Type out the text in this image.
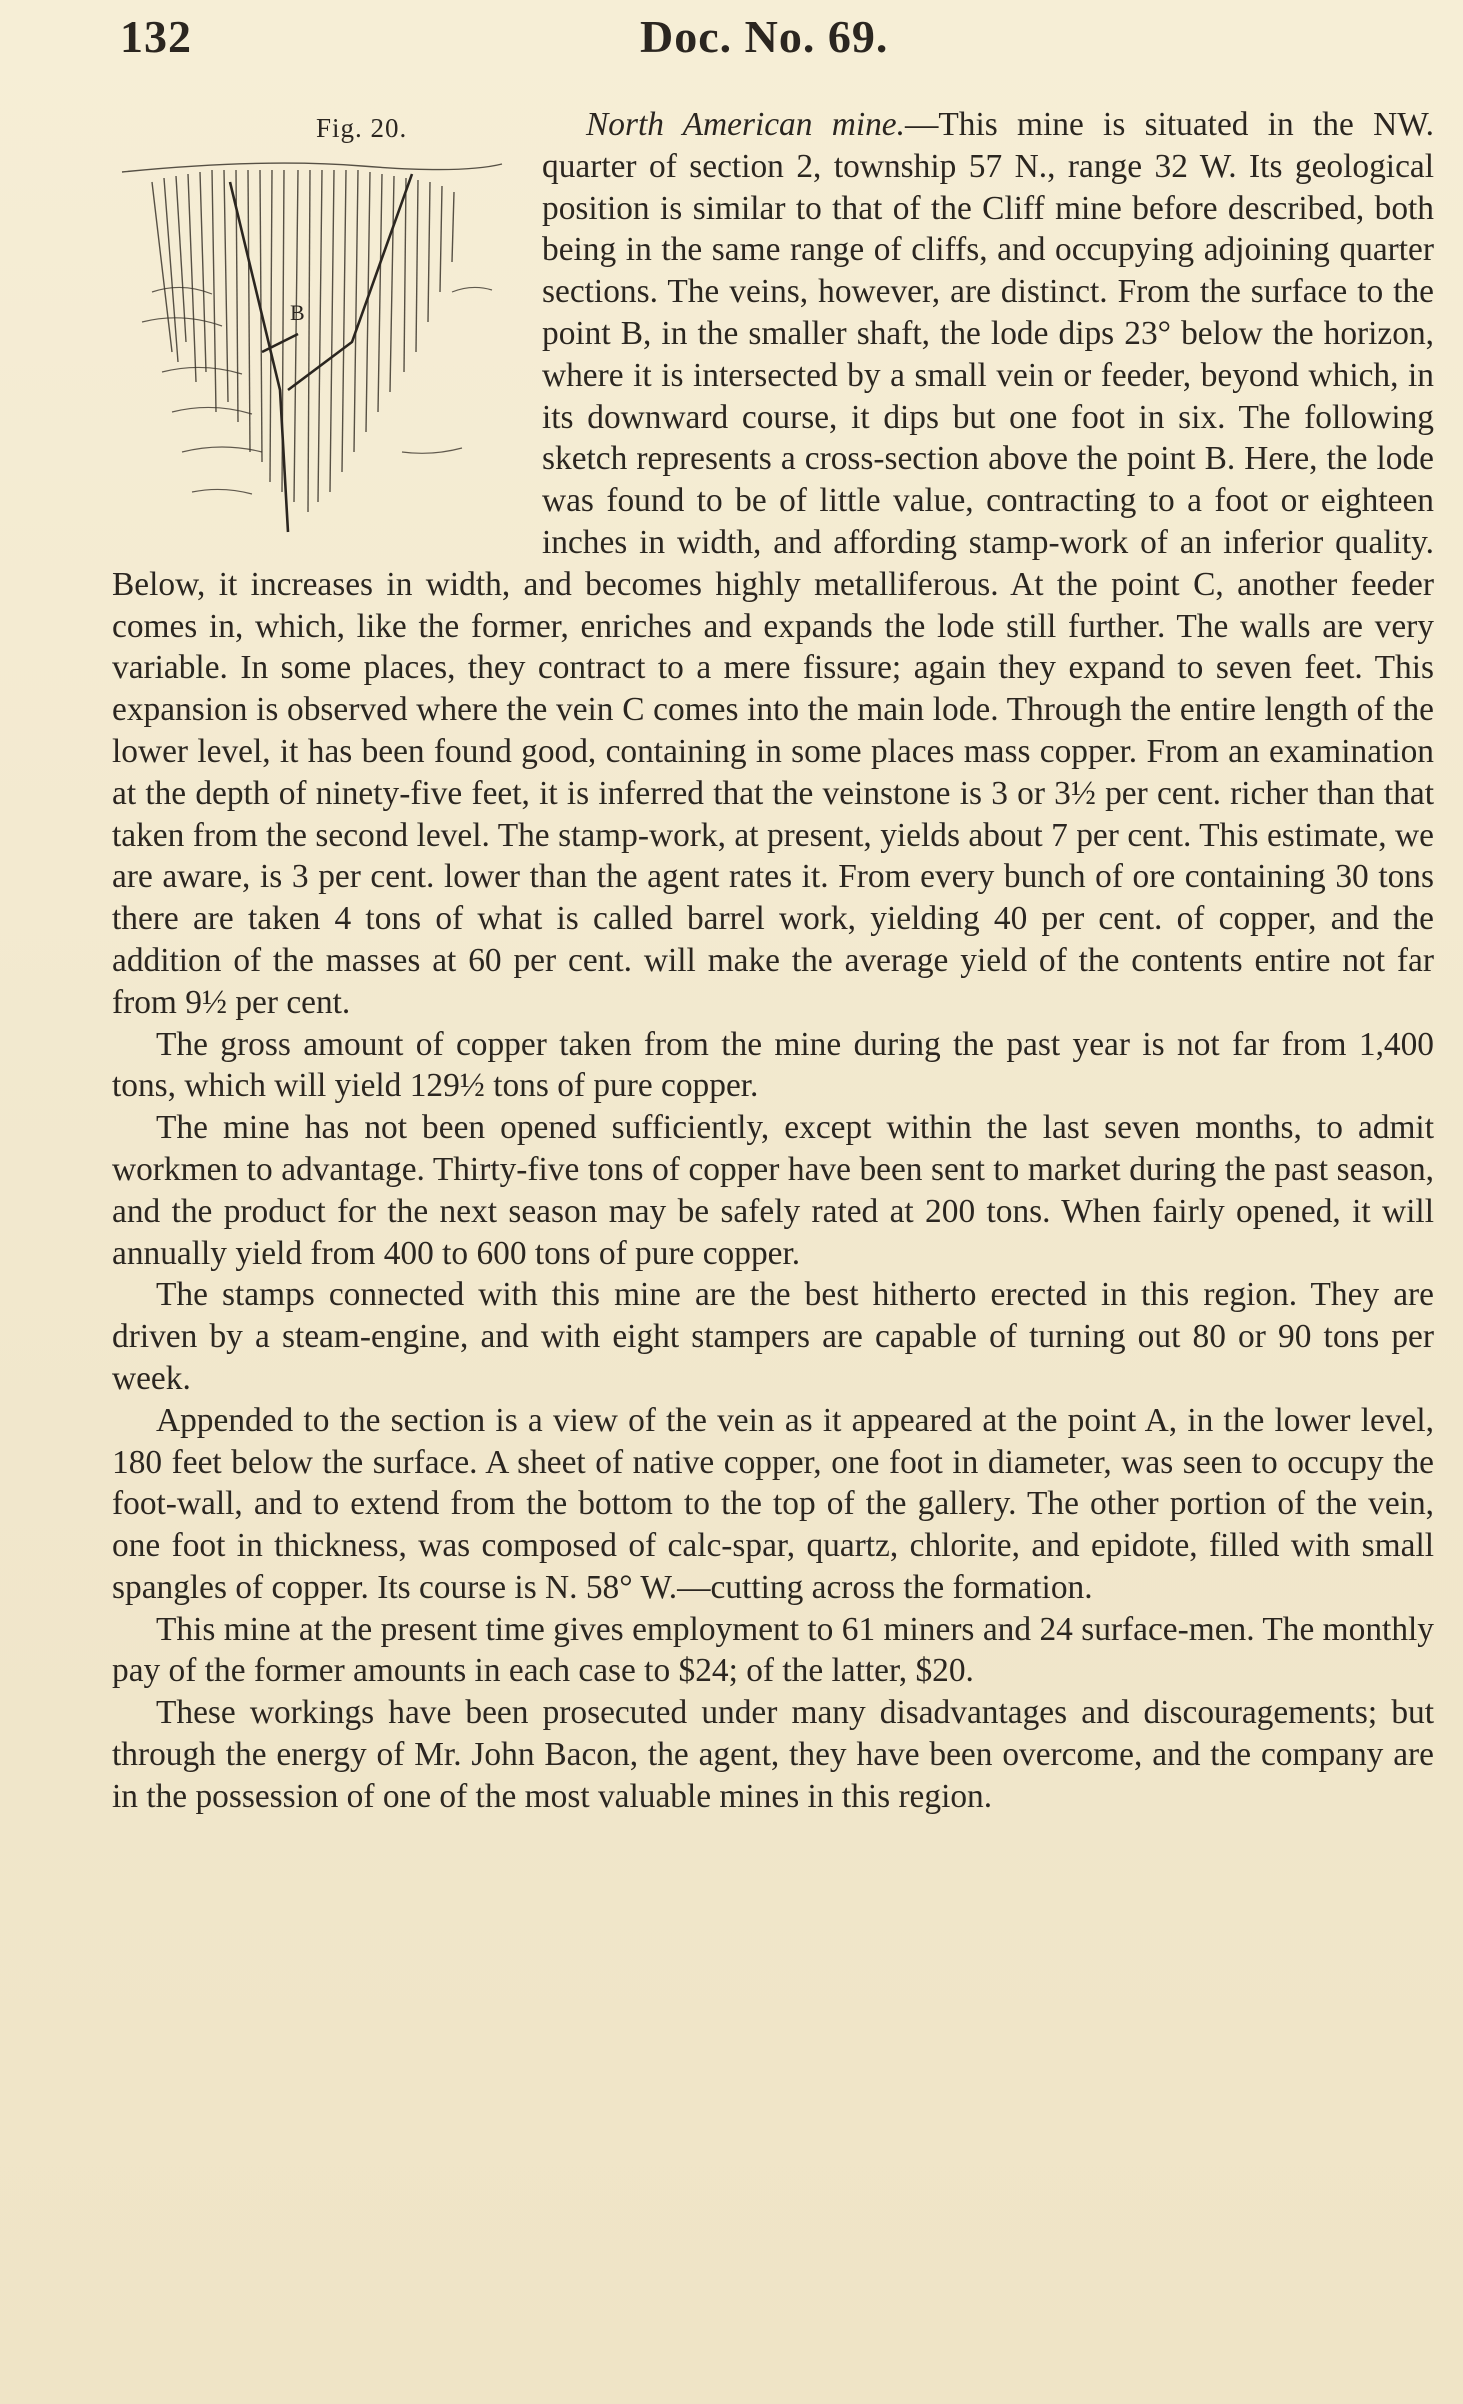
132	Doc. No. 69.

North American mine.
Fig. 20.
B
—This mine is situated in the NW. quarter of section 2, township 57 N., range 32 W. Its geological position is similar to that of the Cliff mine before described, both being in the same range of cliffs, and occupying adjoining quarter sections. The veins, however, are distinct. From the surface to the point B, in the smaller shaft, the lode dips 23° below the horizon, where it is intersected by a small vein or feeder, beyond which, in its downward course, it dips but one foot in six. The following sketch represents a cross-section above the point B. Here, the lode was found to be of little value, contracting to a foot or eighteen inches in width, and affording stamp-work of an inferior quality. Below, it increases in width, and becomes highly metalliferous. At the point C, another feeder comes in, which, like the former, enriches and expands the lode still further. The walls are very variable. In some places, they contract to a mere fissure; again they expand to seven feet. This expansion is observed where the vein C comes into the main lode. Through the entire length of the lower level, it has been found good, containing in some places mass copper. From an examination at the depth of ninety-five feet, it is inferred that the veinstone is 3 or 3½ per cent. richer than that taken from the second level. The stamp-work, at present, yields about 7 per cent. This estimate, we are aware, is 3 per cent. lower than the agent rates it. From every bunch of ore containing 30 tons there are taken 4 tons of what is called barrel work, yielding 40 per cent. of copper, and the addition of the masses at 60 per cent. will make the average yield of the contents entire not far from 9½ per cent.

The gross amount of copper taken from the mine during the past year is not far from 1,400 tons, which will yield 129½ tons of pure copper.

The mine has not been opened sufficiently, except within the last seven months, to admit workmen to advantage. Thirty-five tons of copper have been sent to market during the past season, and the product for the next season may be safely rated at 200 tons. When fairly opened, it will annually yield from 400 to 600 tons of pure copper.

The stamps connected with this mine are the best hitherto erected in this region. They are driven by a steam-engine, and with eight stampers are capable of turning out 80 or 90 tons per week.

Appended to the section is a view of the vein as it appeared at the point A, in the lower level, 180 feet below the surface. A sheet of native copper, one foot in diameter, was seen to occupy the foot-wall, and to extend from the bottom to the top of the gallery. The other portion of the vein, one foot in thickness, was composed of calc-spar, quartz, chlorite, and epidote, filled with small spangles of copper. Its course is N. 58° W.—cutting across the formation.

This mine at the present time gives employment to 61 miners and 24 surface-men. The monthly pay of the former amounts in each case to $24; of the latter, $20.

These workings have been prosecuted under many disadvantages and discouragements; but through the energy of Mr. John Bacon, the agent, they have been overcome, and the company are in the possession of one of the most valuable mines in this region.
